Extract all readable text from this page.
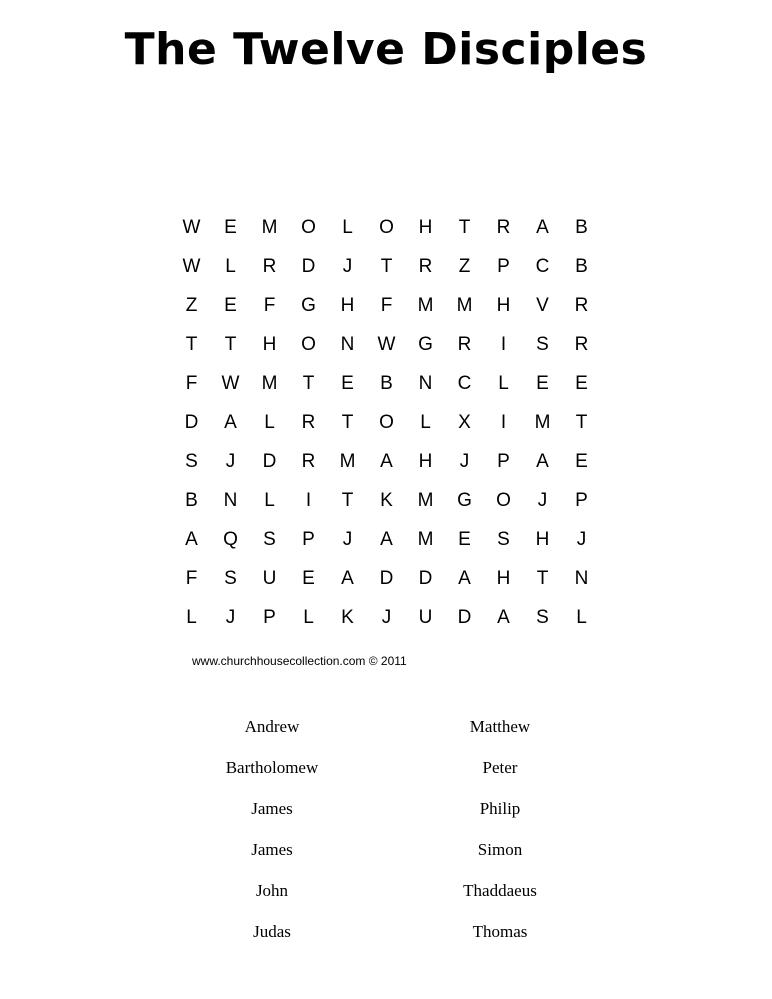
The Twelve Disciples
W	E	M	O	L	O	H	T	R	A	B
W	L	R	D	J	T	R	Z	P	C	B
Z	E	F	G	H	F	M	M	H	V	R
T	T	H	O	N	W	G	R	I	S	R
F	W	M	T	E	B	N	C	L	E	E
D	A	L	R	T	O	L	X	I	M	T
S	J	D	R	M	A	H	J	P	A	E
B	N	L	I	T	K	M	G	O	J	P
A	Q	S	P	J	A	M	E	S	H	J
F	S	U	E	A	D	D	A	H	T	N
L	J	P	L	K	J	U	D	A	S	L
www.churchhousecollection.com © 2011
Andrew
Bartholomew
James
James
John
Judas
Matthew
Peter
Philip
Simon
Thaddaeus
Thomas
